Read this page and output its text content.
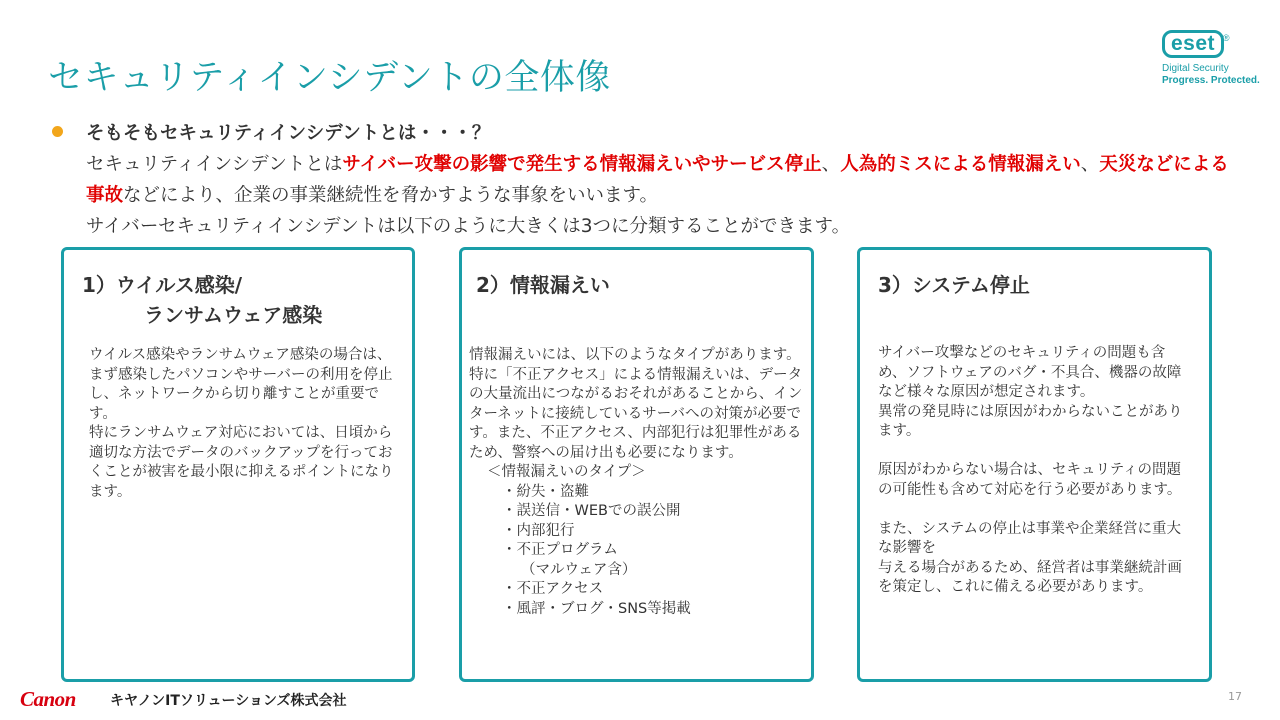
セキュリティインシデントの全体像
eset ®
Digital Security
Progress. Protected.
そもそもセキュリティインシデントとは・・・？
セキュリティインシデントとはサイバー攻撃の影響で発生する情報漏えいやサービス停止、人為的ミスによる情報漏えい、天災などによる事故などにより、企業の事業継続性を脅かすような事象をいいます。
サイバーセキュリティインシデントは以下のように大きくは3つに分類することができます。
1）ウイルス感染/
ランサムウェア感染

ウイルス感染やランサムウェア感染の場合は、まず感染したパソコンやサーバーの利用を停止し、ネットワークから切り離すことが重要です。

特にランサムウェア対応においては、日頃から適切な方法でデータのバックアップを行っておくことが被害を最小限に抑えるポイントになります。

2）情報漏えい

情報漏えいには、以下のようなタイプがあります。

特に「不正アクセス」による情報漏えいは、データの大量流出につながるおそれがあることから、インターネットに接続しているサーバへの対策が必要です。また、不正アクセス、内部犯行は犯罪性がある

ため、警察への届け出も必要になります。

＜情報漏えいのタイプ＞

・紛失・盗難
・誤送信・WEBでの誤公開
・内部犯行
・不正プログラム
（マルウェア含）
・不正アクセス
・風評・ブログ・SNS等掲載
3）システム停止

サイバー攻撃などのセキュリティの問題も含め、ソフトウェアのバグ・不具合、機器の故障など様々な原因が想定されます。

異常の発見時には原因がわからないことがあります。

原因がわからない場合は、セキュリティの問題の可能性も含めて対応を行う必要があります。

また、システムの停止は事業や企業経営に重大な影響を

与える場合があるため、経営者は事業継続計画を策定し、これに備える必要があります。

Canon キヤノンITソリューションズ株式会社	17
